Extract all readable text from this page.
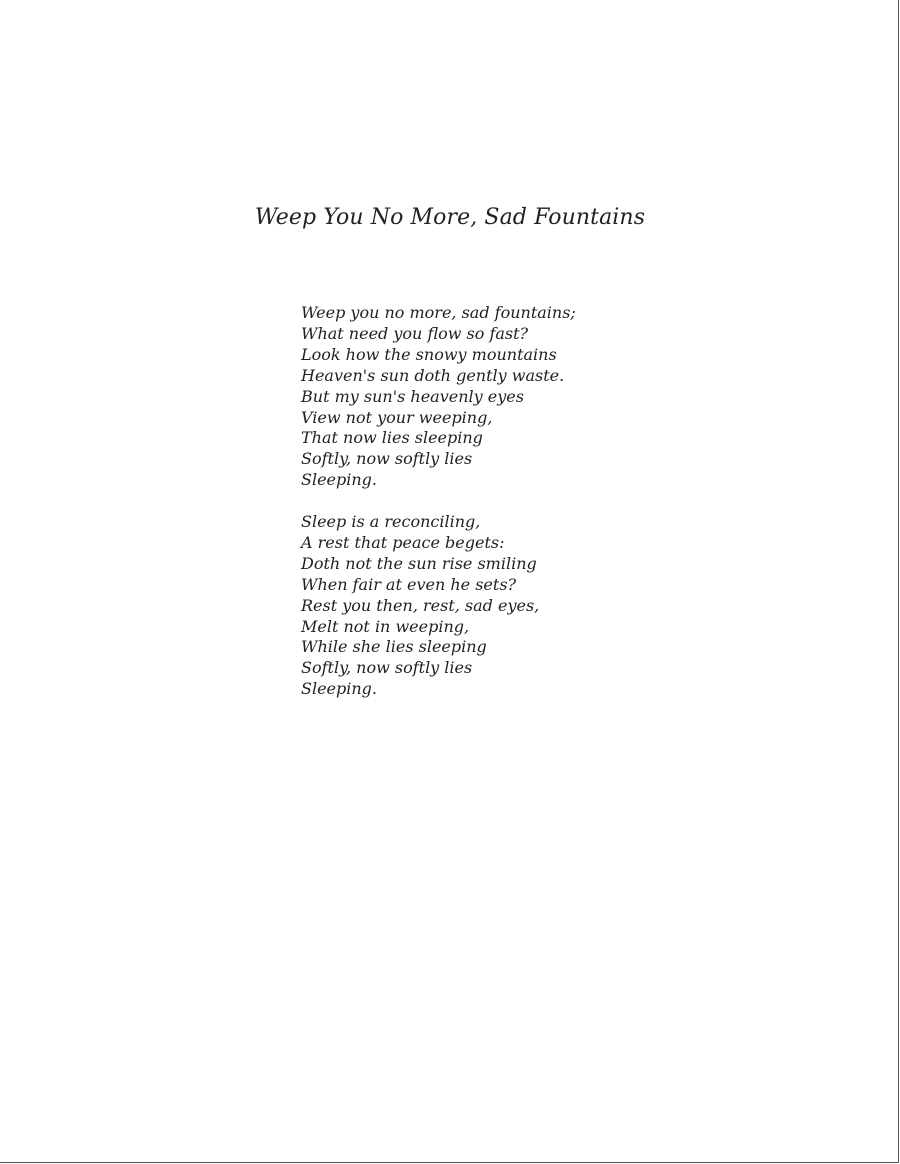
Weep You No More, Sad Fountains
Weep you no more, sad fountains;
What need you flow so fast?
Look how the snowy mountains
Heaven's sun doth gently waste.
But my sun's heavenly eyes
View not your weeping,
That now lies sleeping
Softly, now softly lies
Sleeping.
Sleep is a reconciling,
A rest that peace begets:
Doth not the sun rise smiling
When fair at even he sets?
Rest you then, rest, sad eyes,
Melt not in weeping,
While she lies sleeping
Softly, now softly lies
Sleeping.
